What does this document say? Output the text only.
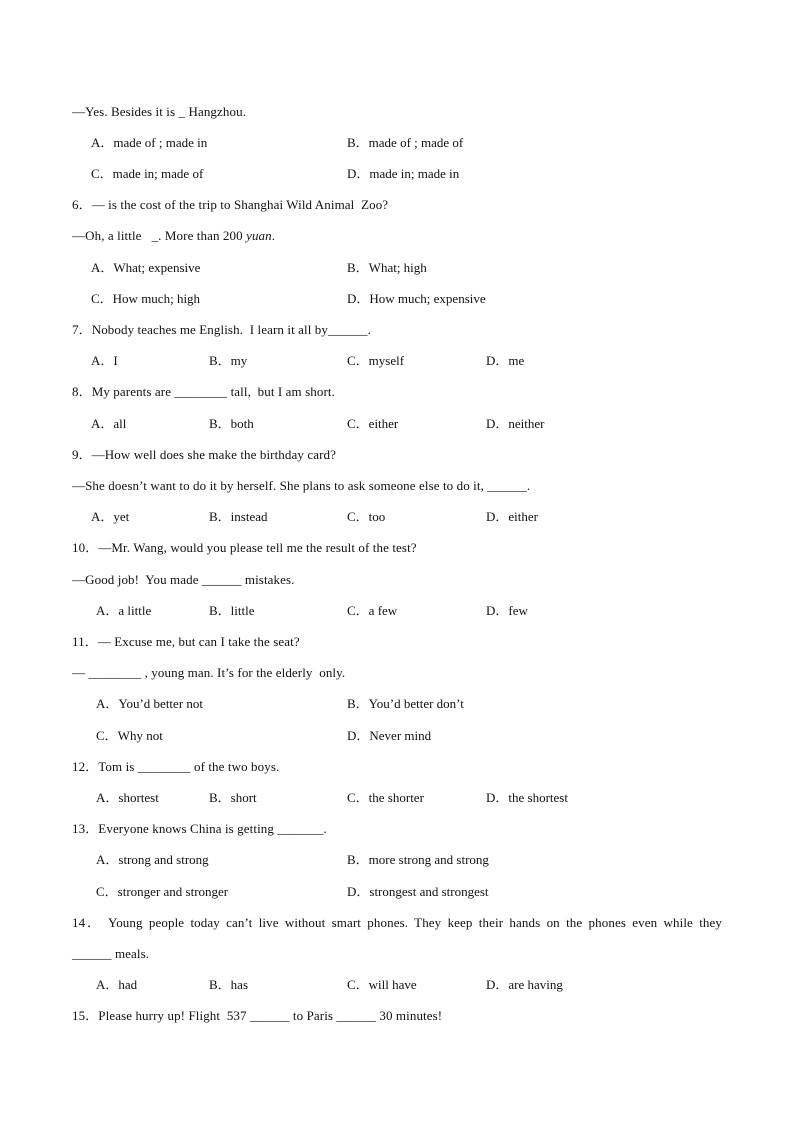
—Yes. Besides it is _ Hangzhou.
A．made of ; made in	B．made of ; made of
C．made in; made of	D．made in; made in
6．— is the cost of the trip to Shanghai Wild Animal  Zoo?
—Oh, a little   _. More than 200 yuan.
A．What; expensive	B．What; high
C．How much; high	D．How much; expensive
7．Nobody teaches me English.  I learn it all by______.
A．I	B．my	C．myself	D．me
8．My parents are ________ tall,  but I am short.
A．all	B．both	C．either	D．neither
9．—How well does she make the birthday card?
—She doesn’t want to do it by herself. She plans to ask someone else to do it, ______.
A．yet	B．instead	C．too	D．either
10．—Mr. Wang, would you please tell me the result of the test?
—Good job!  You made ______ mistakes.
A．a little	B．little	C．a few	D．few
11．— Excuse me, but can I take the seat?
— ________ , young man. It’s for the elderly  only.
A．You’d better not	B．You’d better don’t
C．Why not	D．Never mind
12．Tom is ________ of the two boys.
A．shortest	B．short	C．the shorter	D．the shortest
13．Everyone knows China is getting _______.
A．strong and strong	B．more strong and strong
C．stronger and stronger	D．strongest and strongest
14． Young people today can’t live without smart phones. They keep their hands on the phones even while they
______ meals.
A．had	B．has	C．will have	D．are having
15．Please hurry up! Flight  537 ______ to Paris ______ 30 minutes!
